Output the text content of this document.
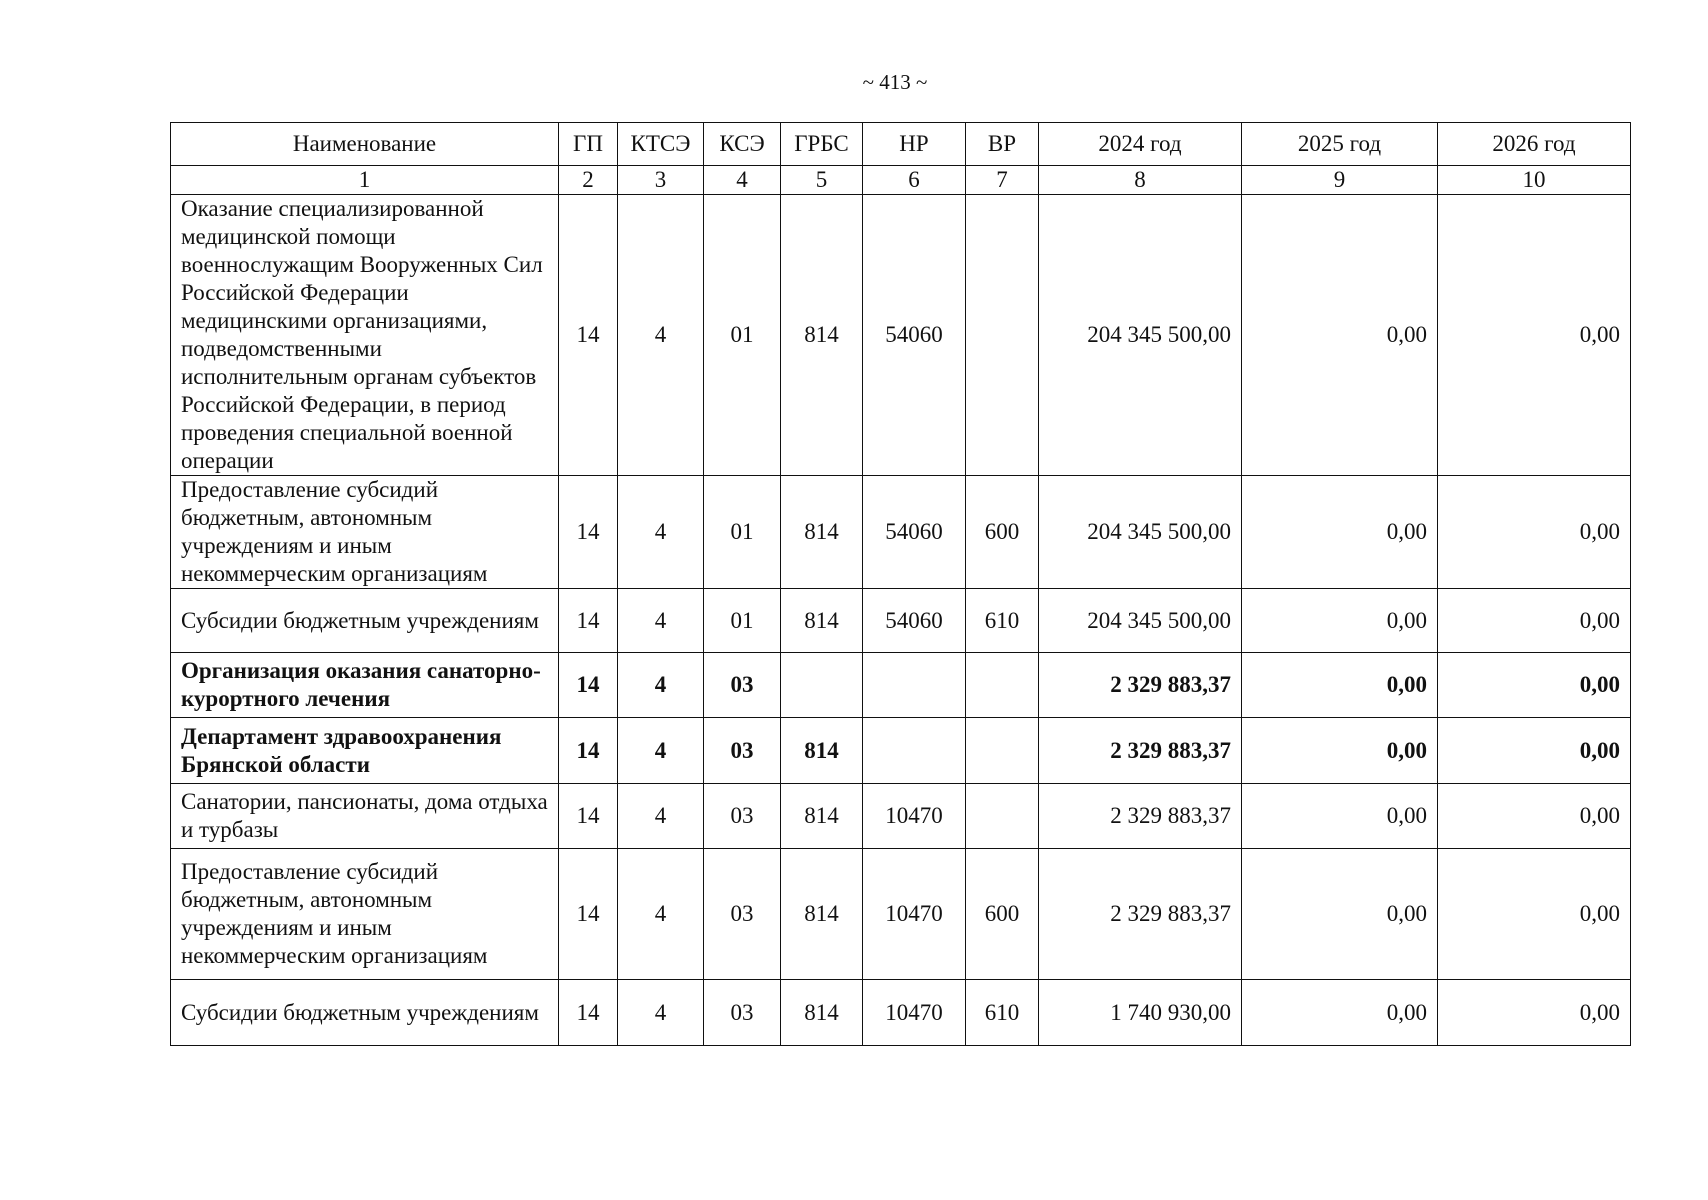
~ 413 ~
Наименование	ГП	КТСЭ	КСЭ	ГРБС	НР	ВР	2024 год	2025 год	2026 год
1	2	3	4	5	6	7	8	9	10
Оказание специализированной медицинской помощи военнослужащим Вооруженных Сил Российской Федерации медицинскими организациями, подведомственными исполнительным органам субъектов Российской Федерации, в период проведения специальной военной операции	14	4	01	814	54060		204 345 500,00	0,00	0,00
Предоставление субсидий бюджетным, автономным учреждениям и иным некоммерческим организациям	14	4	01	814	54060	600	204 345 500,00	0,00	0,00
Субсидии бюджетным учреждениям	14	4	01	814	54060	610	204 345 500,00	0,00	0,00
Организация оказания санаторно-курортного лечения	14	4	03				2 329 883,37	0,00	0,00
Департамент здравоохранения Брянской области	14	4	03	814			2 329 883,37	0,00	0,00
Санатории, пансионаты, дома отдыха и турбазы	14	4	03	814	10470		2 329 883,37	0,00	0,00
Предоставление субсидий бюджетным, автономным учреждениям и иным некоммерческим организациям	14	4	03	814	10470	600	2 329 883,37	0,00	0,00
Субсидии бюджетным учреждениям	14	4	03	814	10470	610	1 740 930,00	0,00	0,00
